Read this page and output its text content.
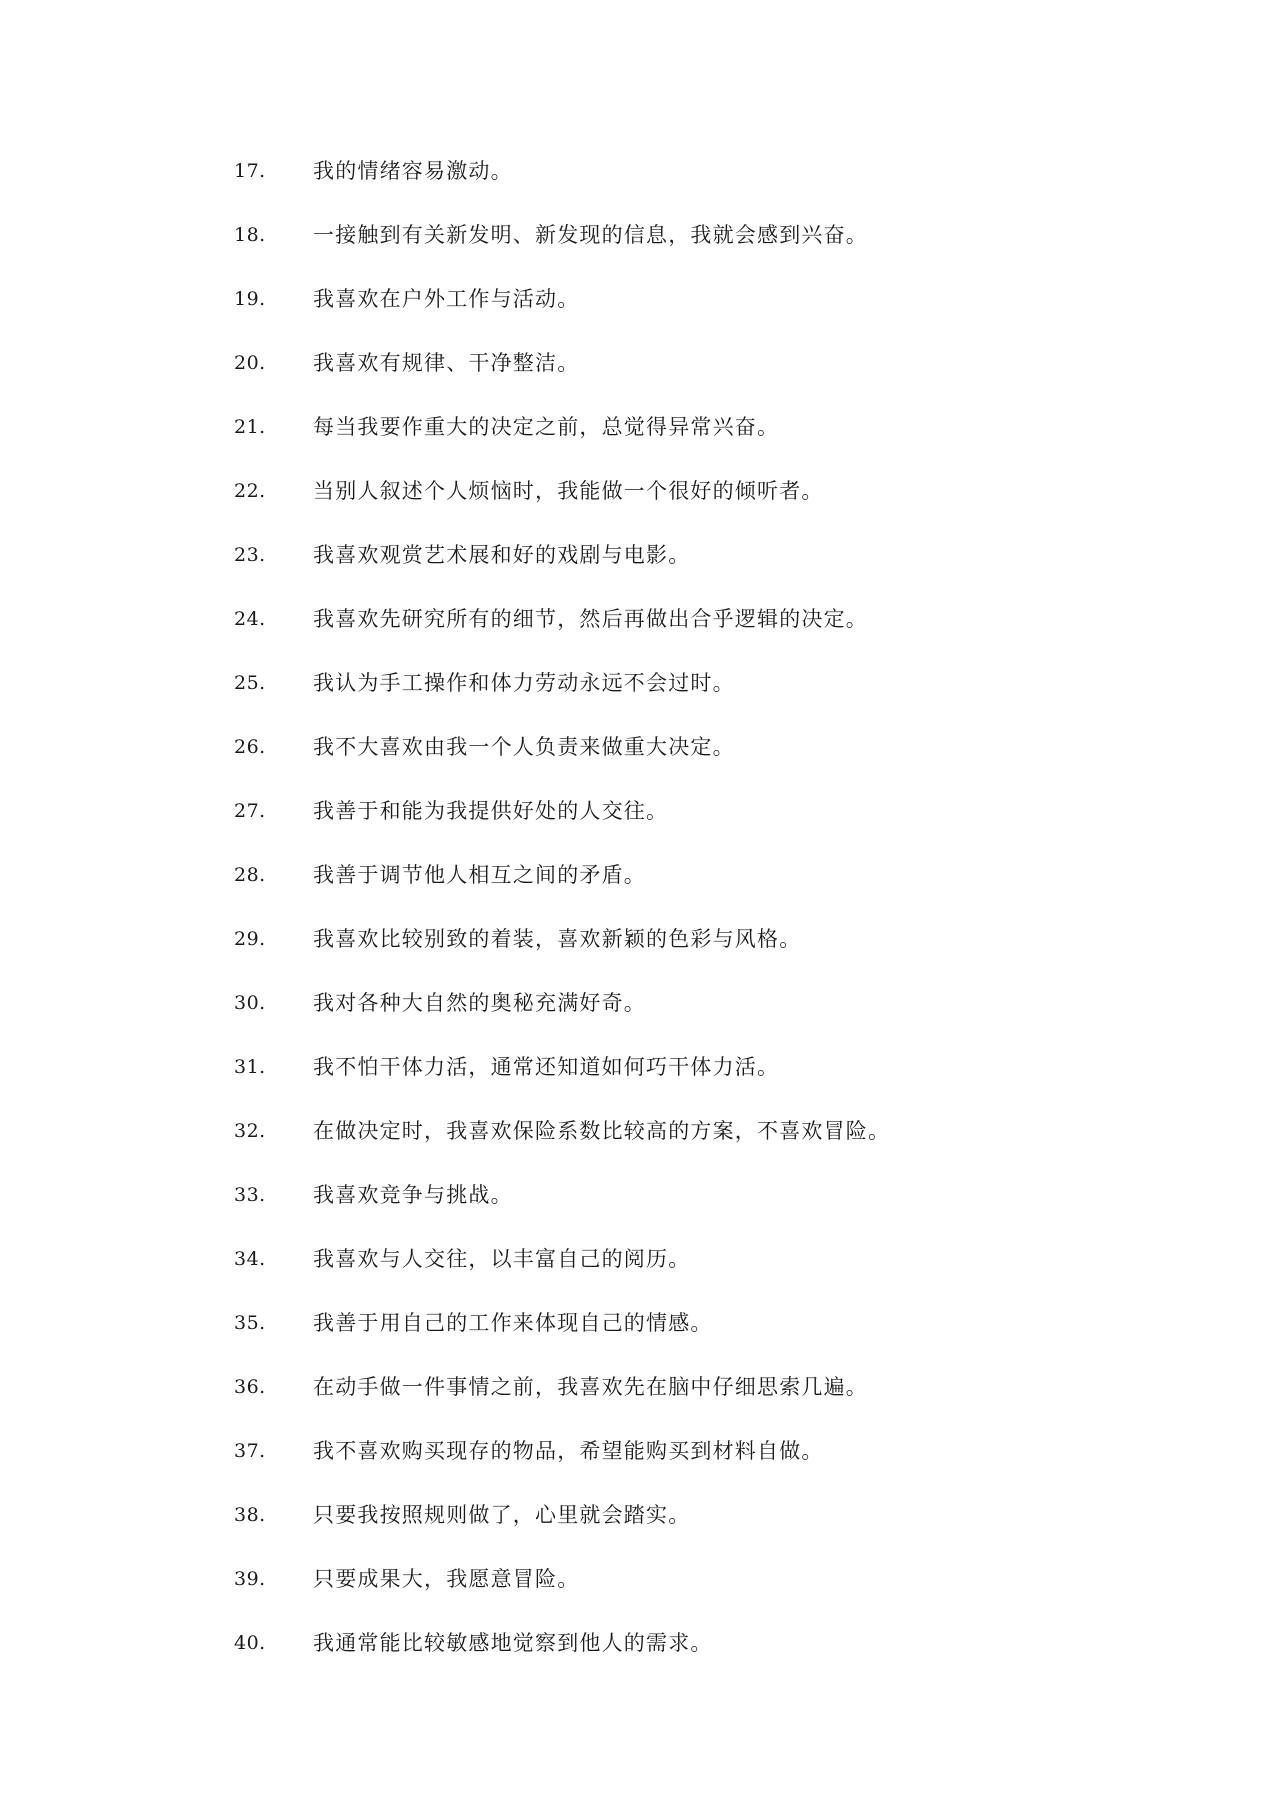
17. 我的情绪容易激动。
18. 一接触到有关新发明、新发现的信息，我就会感到兴奋。
19. 我喜欢在户外工作与活动。
20. 我喜欢有规律、干净整洁。
21. 每当我要作重大的决定之前，总觉得异常兴奋。
22. 当别人叙述个人烦恼时，我能做一个很好的倾听者。
23. 我喜欢观赏艺术展和好的戏剧与电影。
24. 我喜欢先研究所有的细节，然后再做出合乎逻辑的决定。
25. 我认为手工操作和体力劳动永远不会过时。
26. 我不大喜欢由我一个人负责来做重大决定。
27. 我善于和能为我提供好处的人交往。
28. 我善于调节他人相互之间的矛盾。
29. 我喜欢比较别致的着装，喜欢新颖的色彩与风格。
30. 我对各种大自然的奥秘充满好奇。
31. 我不怕干体力活，通常还知道如何巧干体力活。
32. 在做决定时，我喜欢保险系数比较高的方案，不喜欢冒险。
33. 我喜欢竞争与挑战。
34. 我喜欢与人交往，以丰富自己的阅历。
35. 我善于用自己的工作来体现自己的情感。
36. 在动手做一件事情之前，我喜欢先在脑中仔细思索几遍。
37. 我不喜欢购买现存的物品，希望能购买到材料自做。
38. 只要我按照规则做了，心里就会踏实。
39. 只要成果大，我愿意冒险。
40. 我通常能比较敏感地觉察到他人的需求。
